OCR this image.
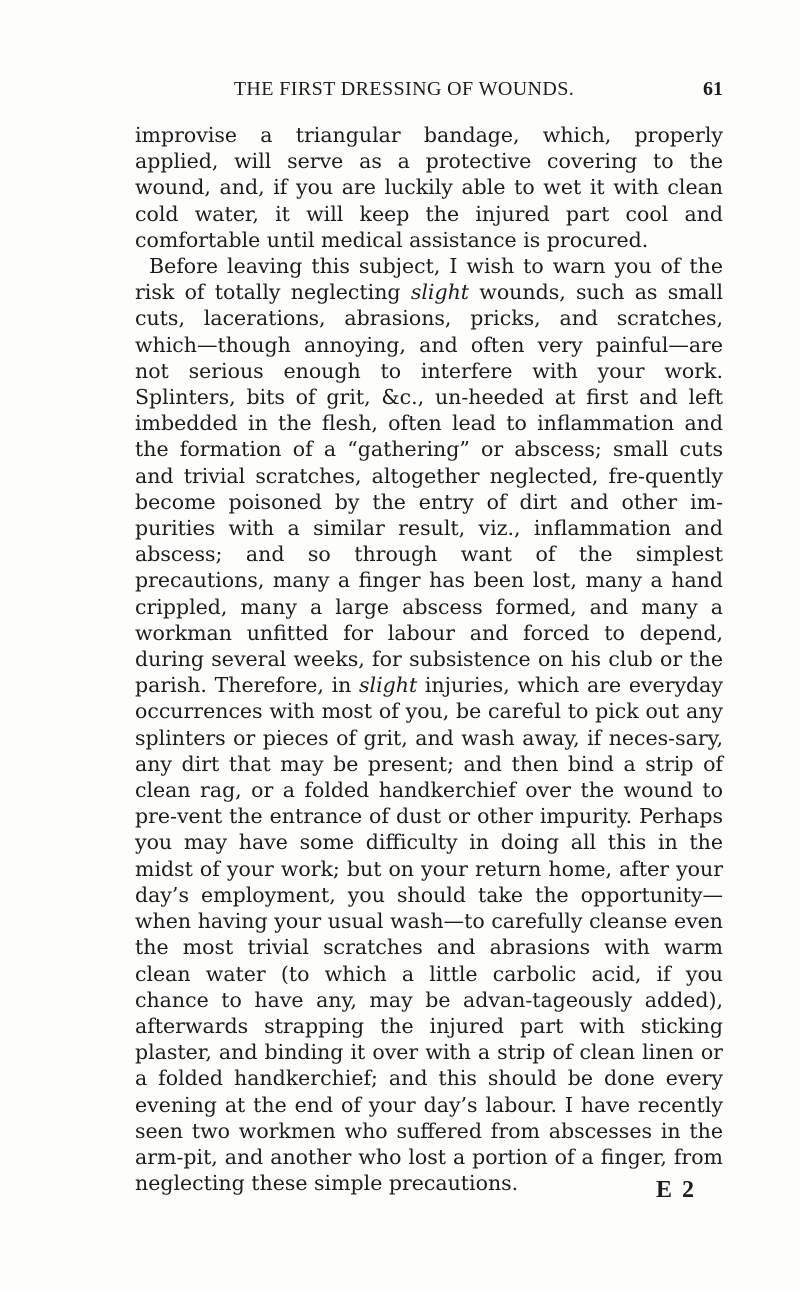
THE FIRST DRESSING OF WOUNDS.	61

improvise a triangular bandage, which, properly applied, will serve as a protective covering to the wound, and, if you are luckily able to wet it with clean cold water, it will keep the injured part cool and comfortable until medical assistance is procured.

Before leaving this subject, I wish to warn you of the risk of totally neglecting slight wounds, such as small cuts, lacerations, abrasions, pricks, and scratches, which—though annoying, and often very painful—are not serious enough to interfere with your work. Splinters, bits of grit, &c., un-heeded at first and left imbedded in the flesh, often lead to inflammation and the formation of a “gathering” or abscess; small cuts and trivial scratches, altogether neglected, fre-quently become poisoned by the entry of dirt and other im-purities with a similar result, viz., inflammation and abscess; and so through want of the simplest precautions, many a finger has been lost, many a hand crippled, many a large abscess formed, and many a workman unfitted for labour and forced to depend, during several weeks, for subsistence on his club or the parish. Therefore, in slight injuries, which are everyday occurrences with most of you, be careful to pick out any splinters or pieces of grit, and wash away, if neces-sary, any dirt that may be present; and then bind a strip of clean rag, or a folded handkerchief over the wound to pre-vent the entrance of dust or other impurity. Perhaps you may have some difficulty in doing all this in the midst of your work; but on your return home, after your day’s employment, you should take the opportunity—when having your usual wash—to carefully cleanse even the most trivial scratches and abrasions with warm clean water (to which a little carbolic acid, if you chance to have any, may be advan-tageously added), afterwards strapping the injured part with sticking plaster, and binding it over with a strip of clean linen or a folded handkerchief; and this should be done every evening at the end of your day’s labour. I have recently seen two workmen who suffered from abscesses in the arm-pit, and another who lost a portion of a finger, from neglecting these simple precautions.	E 2
